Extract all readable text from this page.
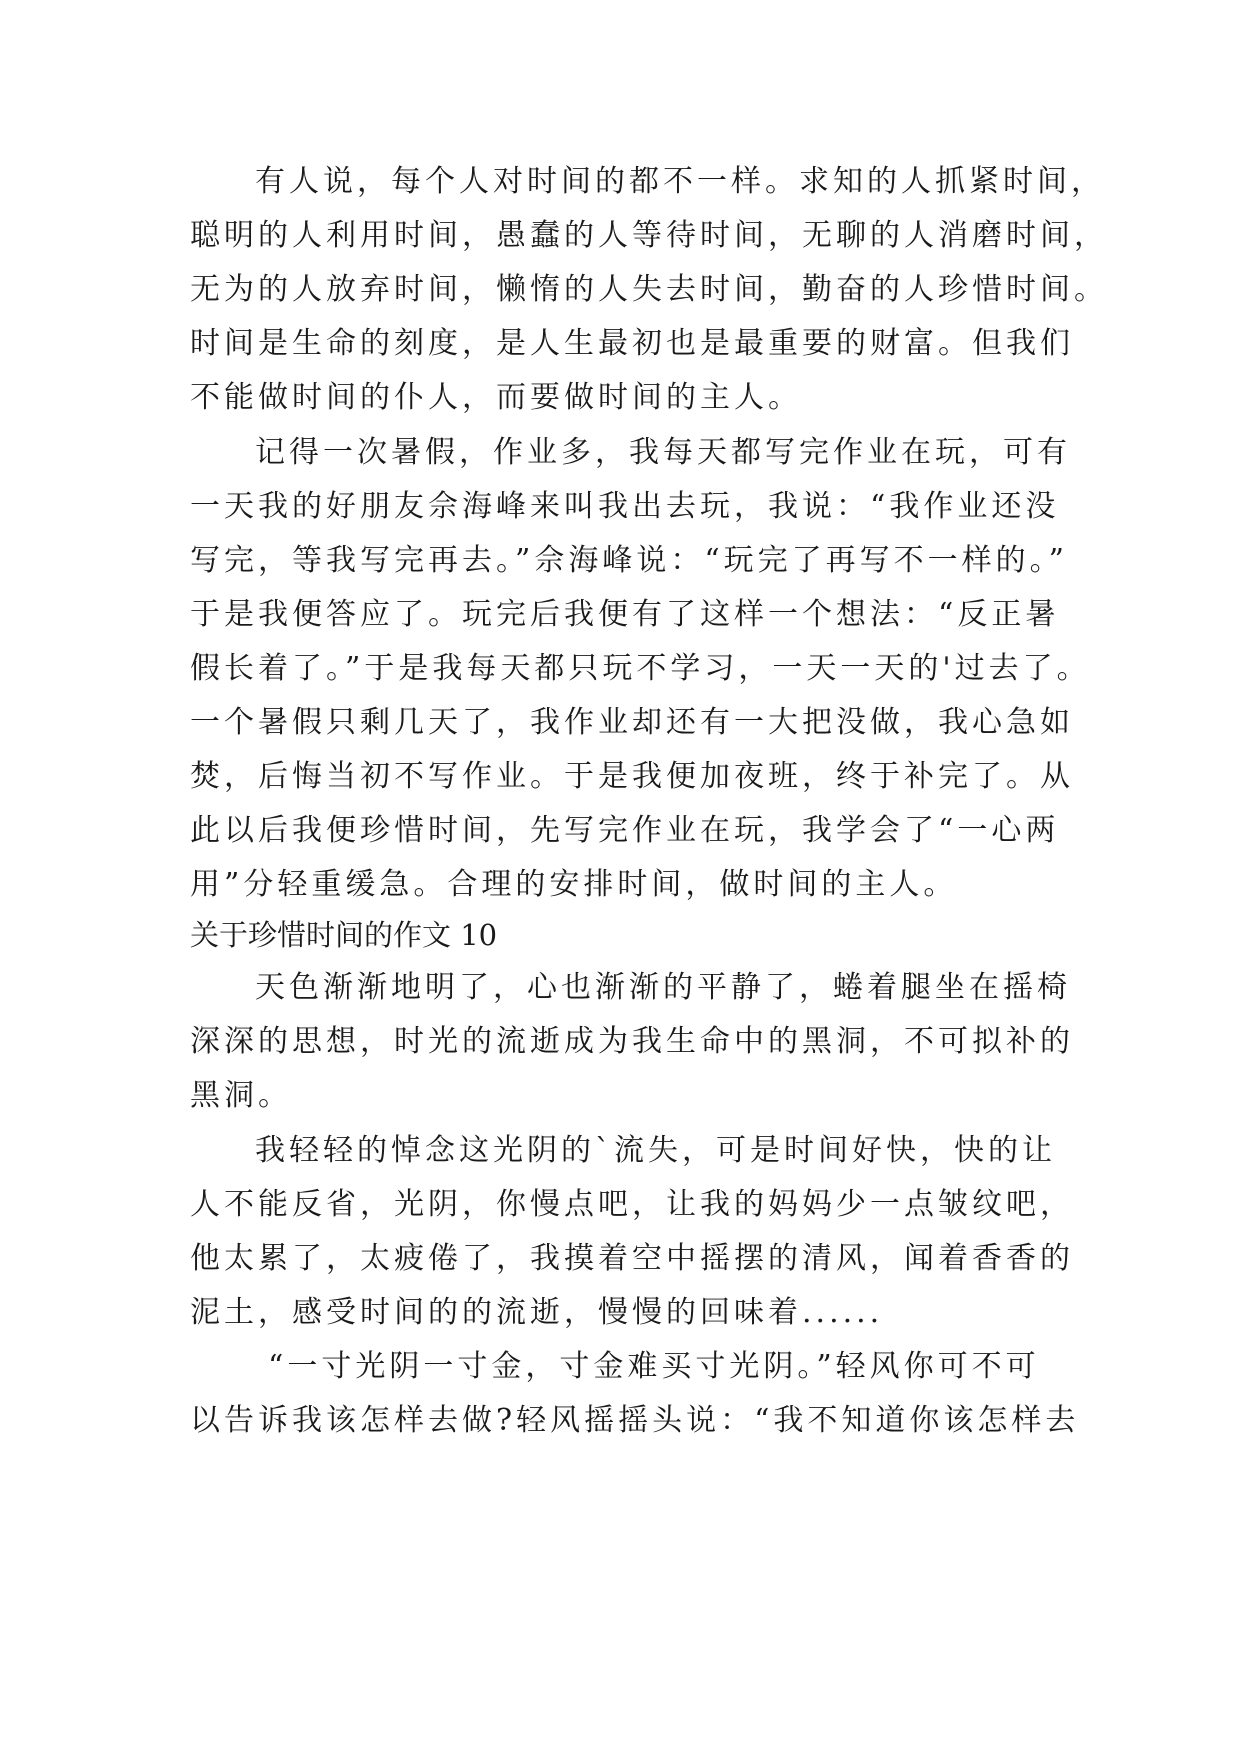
有人说，每个人对时间的都不一样。求知的人抓紧时间，
聪明的人利用时间，愚蠢的人等待时间，无聊的人消磨时间，
无为的人放弃时间，懒惰的人失去时间，勤奋的人珍惜时间。
时间是生命的刻度，是人生最初也是最重要的财富。但我们
不能做时间的仆人，而要做时间的主人。
记得一次暑假，作业多，我每天都写完作业在玩，可有
一天我的好朋友佘海峰来叫我出去玩，我说：“我作业还没
写完，等我写完再去。”佘海峰说：“玩完了再写不一样的。”
于是我便答应了。玩完后我便有了这样一个想法：“反正暑
假长着了。”于是我每天都只玩不学习，一天一天的'过去了。
一个暑假只剩几天了，我作业却还有一大把没做，我心急如
焚，后悔当初不写作业。于是我便加夜班，终于补完了。从
此以后我便珍惜时间，先写完作业在玩，我学会了“一心两
用”分轻重缓急。合理的安排时间，做时间的主人。
关于珍惜时间的作文 10
天色渐渐地明了，心也渐渐的平静了，蜷着腿坐在摇椅
深深的思想，时光的流逝成为我生命中的黑洞，不可拟补的
黑洞。
我轻轻的悼念这光阴的`流失，可是时间好快，快的让
人不能反省，光阴，你慢点吧，让我的妈妈少一点皱纹吧，
他太累了，太疲倦了，我摸着空中摇摆的清风，闻着香香的
泥土，感受时间的的流逝，慢慢的回味着......
“一寸光阴一寸金，寸金难买寸光阴。”轻风你可不可
以告诉我该怎样去做?轻风摇摇头说：“我不知道你该怎样去
